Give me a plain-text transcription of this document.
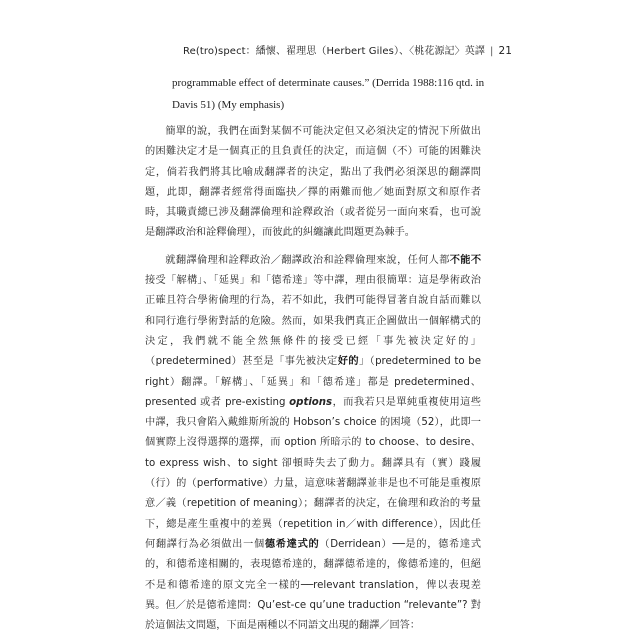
Re(tro)spect：繙懷、翟理思（Herbert Giles）、〈桃花源記〉英譯 | 21
programmable effect of determinate causes.” (Derrida 1988:116 qtd. in Davis 51) (My emphasis)

簡單的說，我們在面對某個不可能決定但又必須決定的情況下所做出的困難決定才是一個真正的且負責任的決定，而這個（不）可能的困難決定，倘若我們將其比喻成翻譯者的決定，點出了我們必須深思的翻譯問題，此即，翻譯者經常得面臨抉／擇的兩難而他／她面對原文和原作者時，其職責總已涉及翻譯倫理和詮釋政治（或者從另一面向來看，也可說是翻譯政治和詮釋倫理），而彼此的糾纏讓此問題更為棘手。

就翻譯倫理和詮釋政治／翻譯政治和詮釋倫理來說，任何人都不能不接受「解構」、「延異」和「德希達」等中譯，理由很簡單：這是學術政治正確且符合學術倫理的行為，若不如此，我們可能得冒著自說自話而難以和同行進行學術對話的危險。然而，如果我們真正企圖做出一個解構式的決定，我們就不能全然無條件的接受已經「事先被決定好的」（predetermined）甚至是「事先被決定好的」（predetermined to be right）翻譯。「解構」、「延異」和「德希達」都是 predetermined、presented 或者 pre-existing options，而我若只是單純重複使用這些中譯，我只會陷入戴維斯所說的 Hobson’s choice 的困境（52），此即一個實際上沒得選擇的選擇，而 option 所暗示的 to choose、to desire、to express wish、to sight 卻頓時失去了動力。翻譯具有（實）踐履（行）的（performative）力量，這意味著翻譯並非是也不可能是重複原意／義（repetition of meaning）；翻譯者的決定，在倫理和政治的考量下，總是產生重複中的差異（repetition in／with difference），因此任何翻譯行為必須做出一個德希達式的（Derridean）──是的，德希達式的，和德希達相關的，表現德希達的，翻譯德希達的，像德希達的，但絕不是和德希達的原文完全一樣的──relevant translation，俾以表現差異。但／於是德希達問：Qu’est-ce qu’une traduction “relevante”? 對於這個法文問題，下面是兩種以不同語文出現的翻譯／回答：
